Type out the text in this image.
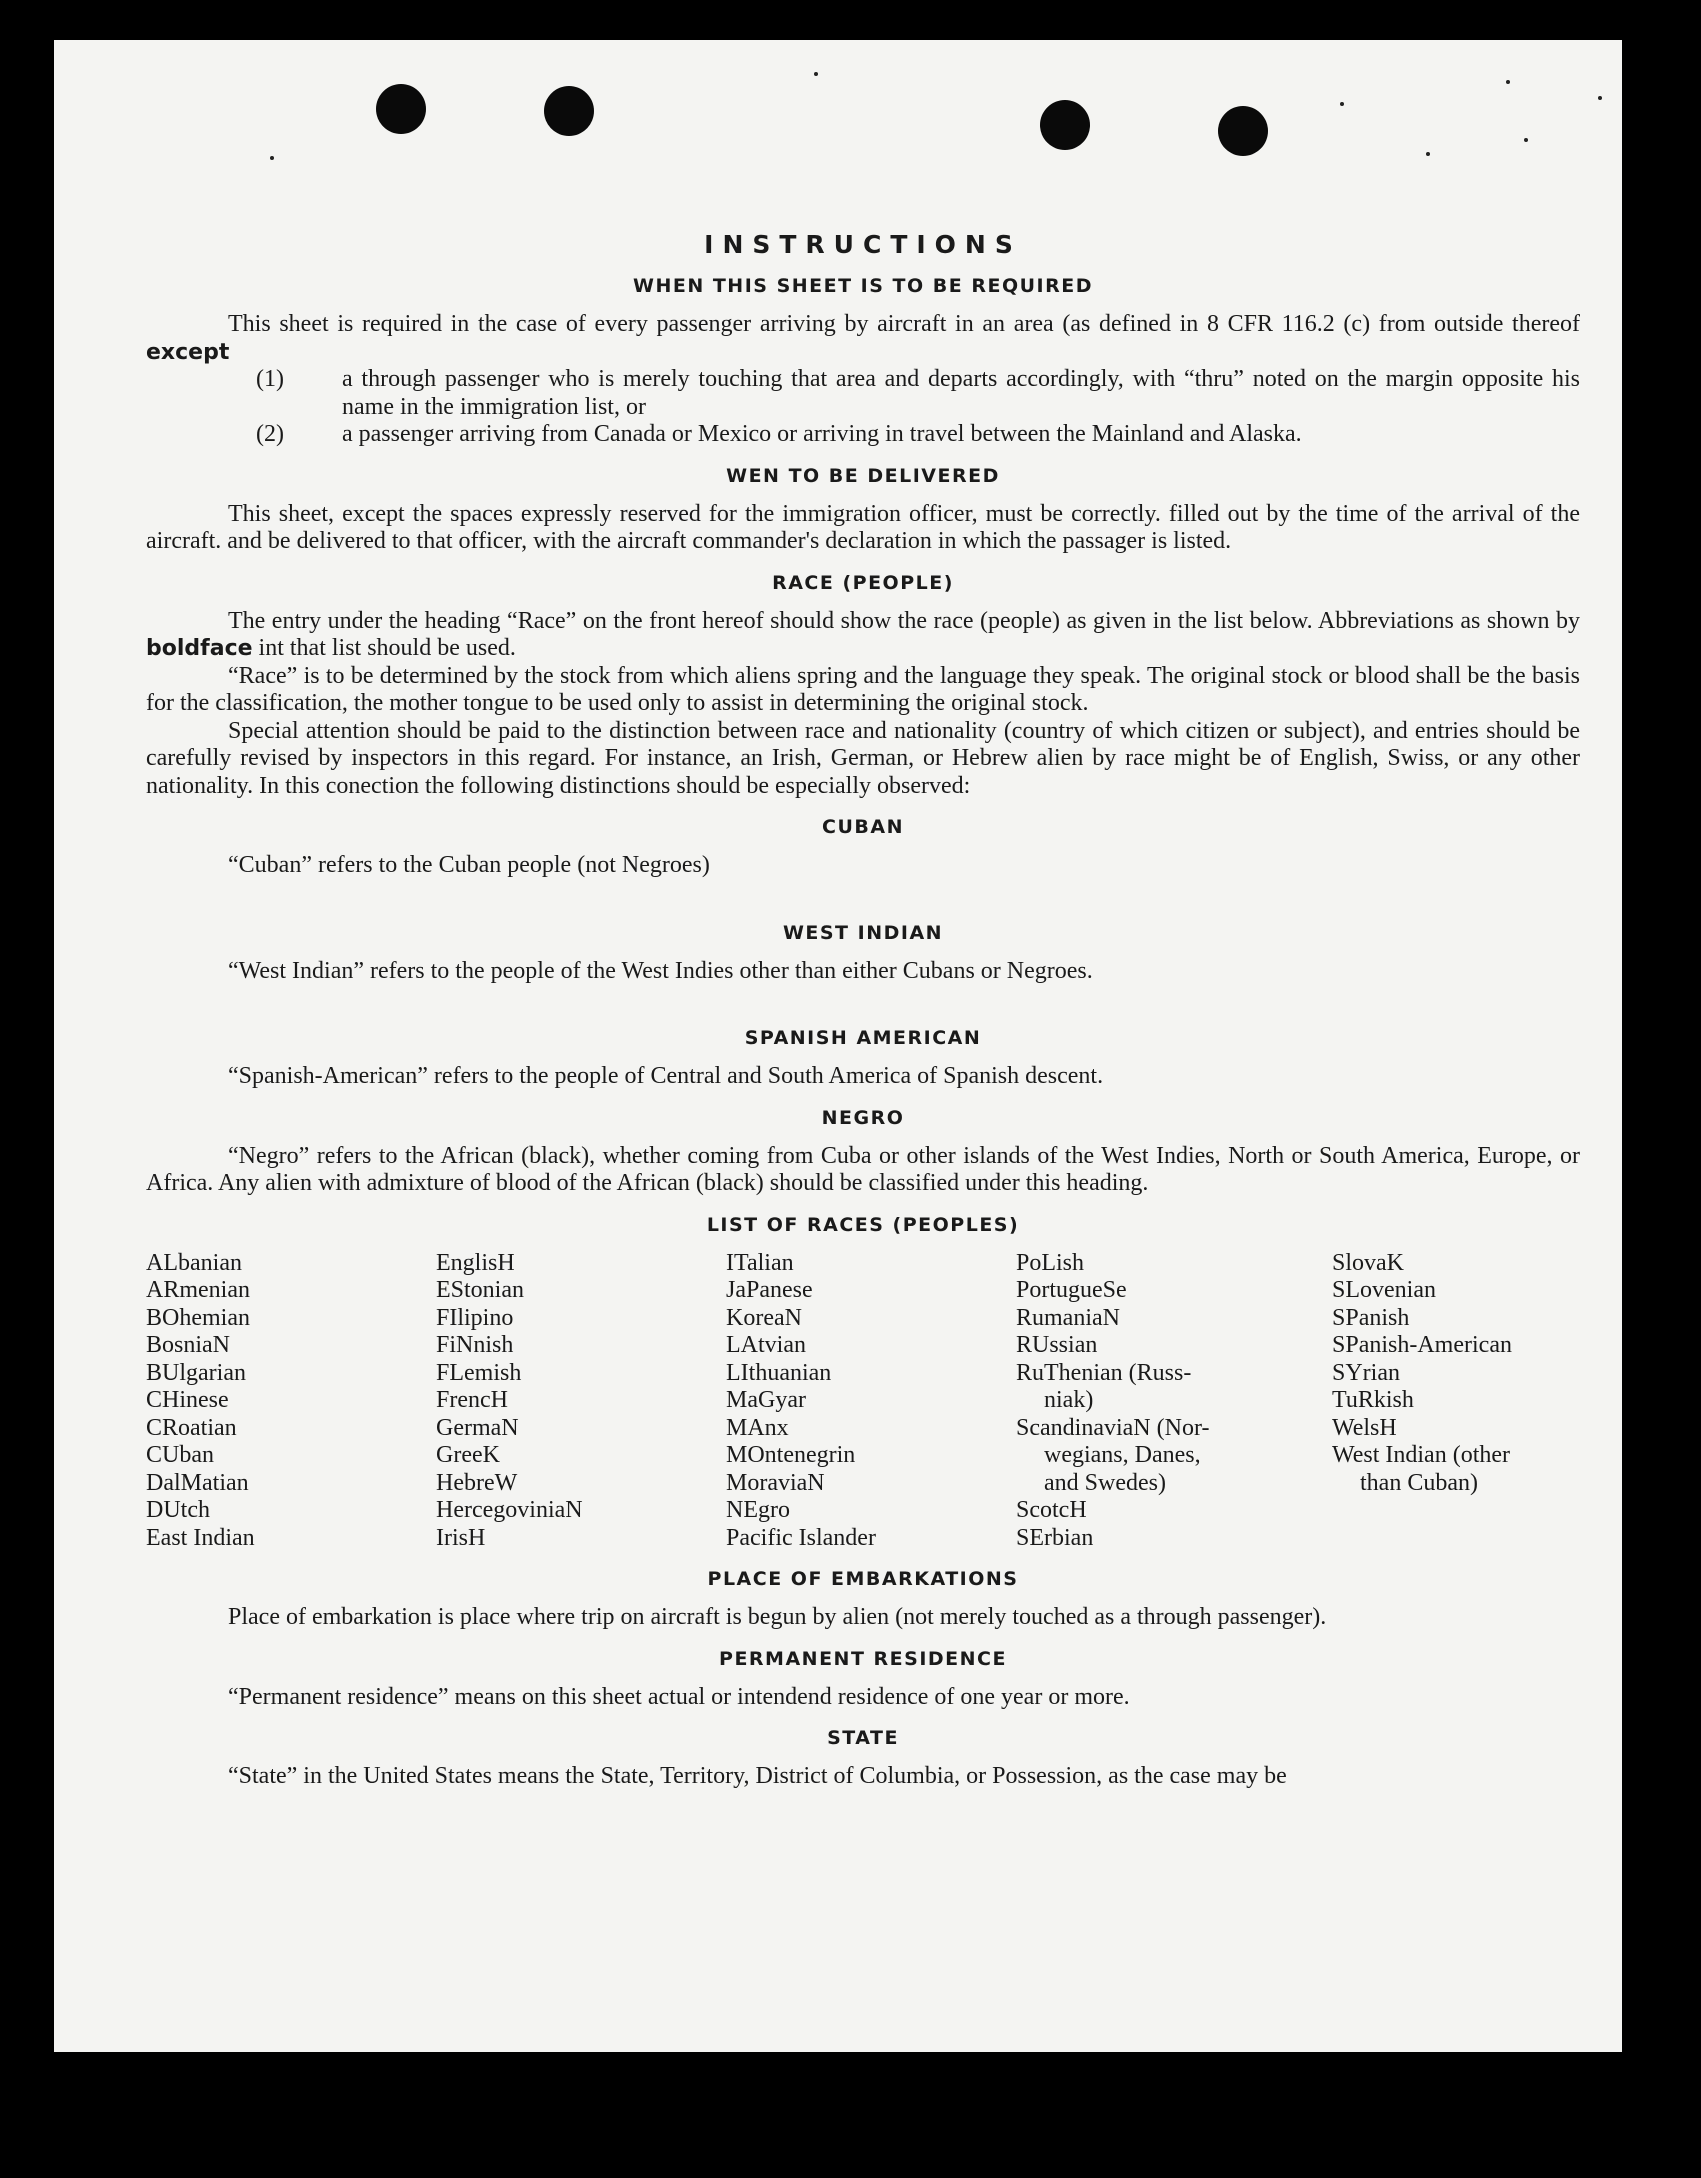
INSTRUCTIONS
WHEN THIS SHEET IS TO BE REQUIRED

This sheet is required in the case of every passenger arriving by aircraft in an area (as defined in 8 CFR 116.2 (c) from outside thereof except

(1) a through passenger who is merely touching that area and departs accordingly, with “thru” noted on the margin opposite his name in the immigration list, or
(2) a passenger arriving from Canada or Mexico or arriving in travel between the Mainland and Alaska.
WEN TO BE DELIVERED

This sheet, except the spaces expressly reserved for the immigration officer, must be correctly. filled out by the time of the arrival of the aircraft. and be delivered to that officer, with the aircraft commander's declaration in which the passager is listed.

RACE (PEOPLE)

The entry under the heading “Race” on the front hereof should show the race (people) as given in the list below. Abbreviations as shown by boldface int that list should be used.

“Race” is to be determined by the stock from which aliens spring and the language they speak. The original stock or blood shall be the basis for the classification, the mother tongue to be used only to assist in determining the original stock.

Special attention should be paid to the distinction between race and nationality (country of which citizen or subject), and entries should be carefully revised by inspectors in this regard. For instance, an Irish, German, or Hebrew alien by race might be of English, Swiss, or any other nationality. In this conection the following distinctions should be especially observed:

CUBAN

“Cuban” refers to the Cuban people (not Negroes)

WEST INDIAN

“West Indian” refers to the people of the West Indies other than either Cubans or Negroes.

SPANISH AMERICAN

“Spanish-American” refers to the people of Central and South America of Spanish descent.

NEGRO

“Negro” refers to the African (black), whether coming from Cuba or other islands of the West Indies, North or South America, Europe, or Africa. Any alien with admixture of blood of the African (black) should be classified under this heading.

LIST OF RACES (PEOPLES)
ALbanian
ARmenian
BOhemian
BosniaN
BUlgarian
CHinese
CRoatian
CUban
DalMatian
DUtch
East Indian
EnglisH
EStonian
FIlipino
FiNnish
FLemish
FrencH
GermaN
GreeK
HebreW
HercegoviniaN
IrisH
ITalian
JaPanese
KoreaN
LAtvian
LIthuanian
MaGyar
MAnx
MOntenegrin
MoraviaN
NEgro
Pacific Islander
PoLish
PortugueSe
RumaniaN
RUssian
RuThenian (Russ-
niak)
ScandinaviaN (Nor-
wegians, Danes,
and Swedes)
ScotcH
SErbian
SlovaK
SLovenian
SPanish
SPanish-American
SYrian
TuRkish
WelsH
West Indian (other
than Cuban)
PLACE OF EMBARKATIONS

Place of embarkation is place where trip on aircraft is begun by alien (not merely touched as a through passenger).

PERMANENT RESIDENCE

“Permanent residence” means on this sheet actual or intendend residence of one year or more.

STATE

“State” in the United States means the State, Territory, District of Columbia, or Possession, as the case may be
